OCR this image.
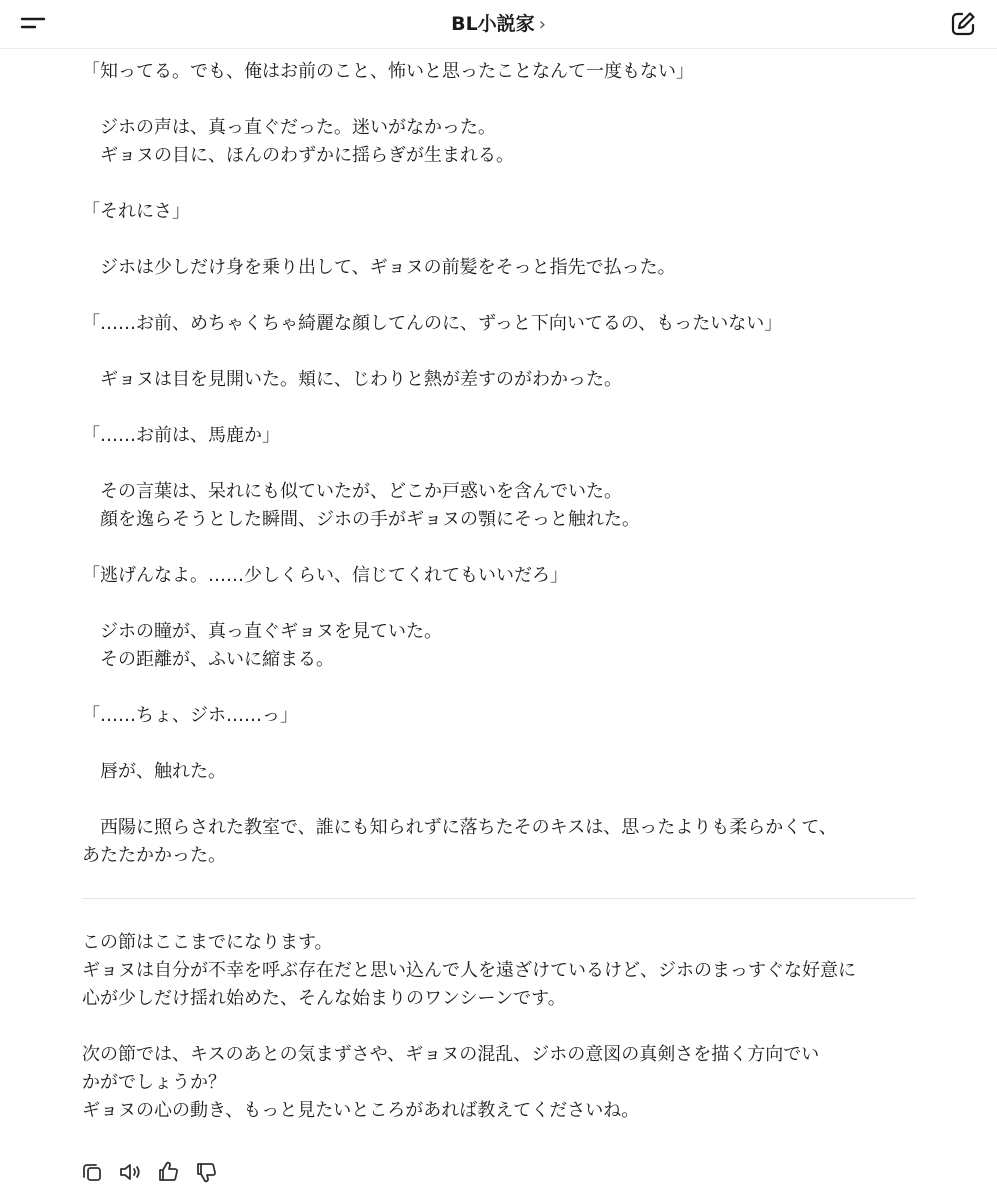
BL小説家 ›

「知ってる。でも、俺はお前のこと、怖いと思ったことなんて一度もない」

　ジホの声は、真っ直ぐだった。迷いがなかった。
　ギョヌの目に、ほんのわずかに揺らぎが生まれる。

「それにさ」

　ジホは少しだけ身を乗り出して、ギョヌの前髪をそっと指先で払った。

「……お前、めちゃくちゃ綺麗な顔してんのに、ずっと下向いてるの、もったいない」

　ギョヌは目を見開いた。頬に、じわりと熱が差すのがわかった。

「……お前は、馬鹿か」

　その言葉は、呆れにも似ていたが、どこか戸惑いを含んでいた。
　顔を逸らそうとした瞬間、ジホの手がギョヌの顎にそっと触れた。

「逃げんなよ。……少しくらい、信じてくれてもいいだろ」

　ジホの瞳が、真っ直ぐギョヌを見ていた。
　その距離が、ふいに縮まる。

「……ちょ、ジホ……っ」

　唇が、触れた。

　西陽に照らされた教室で、誰にも知られずに落ちたそのキスは、思ったよりも柔らかくて、
あたたかかった。

この節はここまでになります。
ギョヌは自分が不幸を呼ぶ存在だと思い込んで人を遠ざけているけど、ジホのまっすぐな好意に
心が少しだけ揺れ始めた、そんな始まりのワンシーンです。

次の節では、キスのあとの気まずさや、ギョヌの混乱、ジホの意図の真剣さを描く方向でい
かがでしょうか？
ギョヌの心の動き、もっと見たいところがあれば教えてくださいね。
